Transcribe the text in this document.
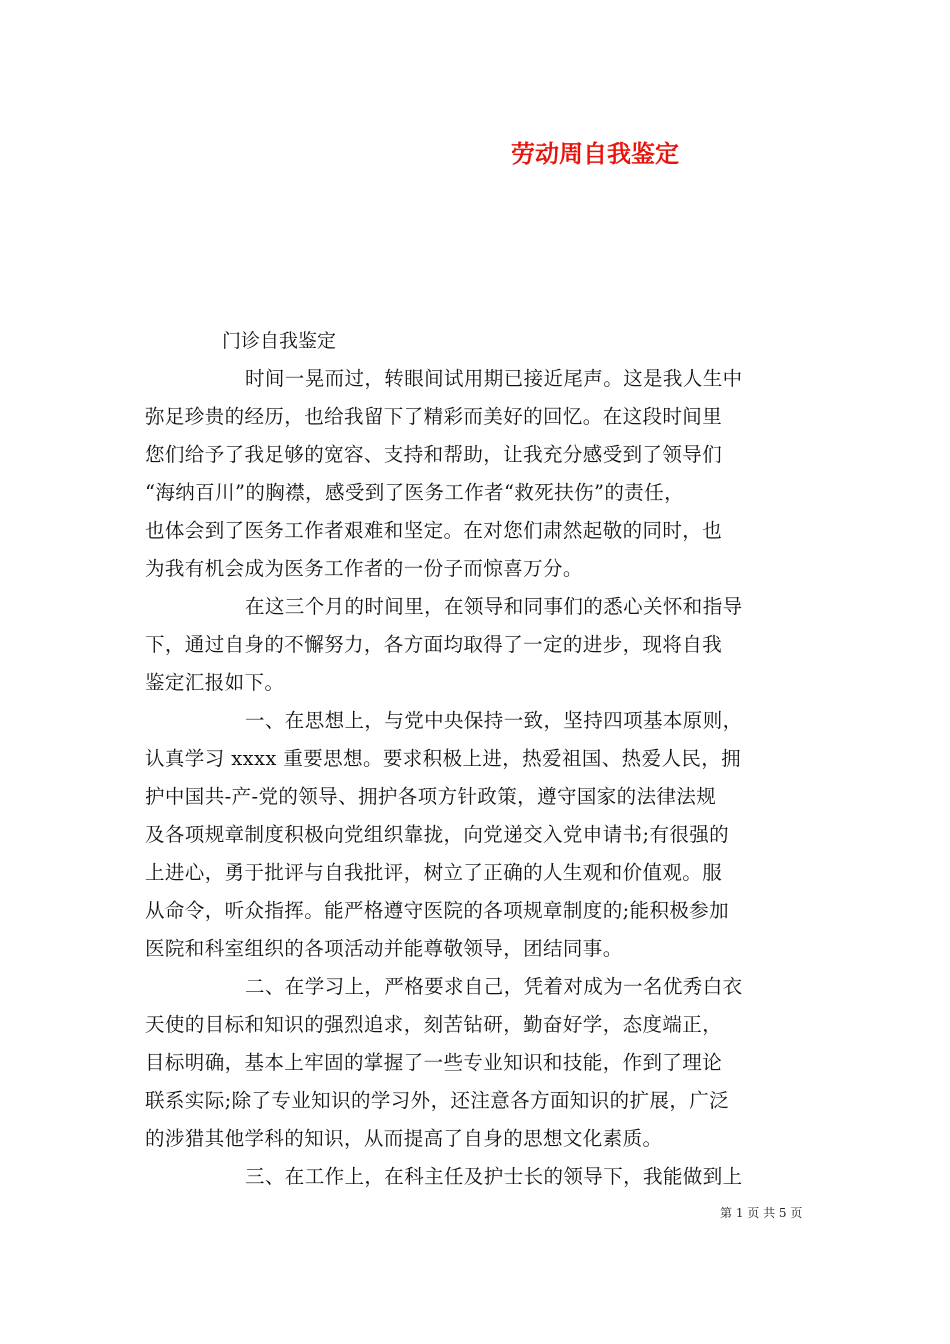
劳动周自我鉴定
门诊自我鉴定
时间一晃而过，转眼间试用期已接近尾声。这是我人生中
弥足珍贵的经历，也给我留下了精彩而美好的回忆。在这段时间里
您们给予了我足够的宽容、支持和帮助，让我充分感受到了领导们
“海纳百川”的胸襟，感受到了医务工作者“救死扶伤”的责任，
也体会到了医务工作者艰难和坚定。在对您们肃然起敬的同时，也
为我有机会成为医务工作者的一份子而惊喜万分。
在这三个月的时间里，在领导和同事们的悉心关怀和指导
下，通过自身的不懈努力，各方面均取得了一定的进步，现将自我
鉴定汇报如下。
一、在思想上，与党中央保持一致，坚持四项基本原则，
认真学习 xxxx 重要思想。要求积极上进，热爱祖国、热爱人民，拥
护中国共-产-党的领导、拥护各项方针政策，遵守国家的法律法规
及各项规章制度积极向党组织靠拢，向党递交入党申请书;有很强的
上进心，勇于批评与自我批评，树立了正确的人生观和价值观。服
从命令，听众指挥。能严格遵守医院的各项规章制度的;能积极参加
医院和科室组织的各项活动并能尊敬领导，团结同事。
二、在学习上，严格要求自己，凭着对成为一名优秀白衣
天使的目标和知识的强烈追求，刻苦钻研，勤奋好学，态度端正，
目标明确，基本上牢固的掌握了一些专业知识和技能，作到了理论
联系实际;除了专业知识的学习外，还注意各方面知识的扩展，广泛
的涉猎其他学科的知识，从而提高了自身的思想文化素质。
三、在工作上，在科主任及护士长的领导下，我能做到上
第 1 页 共 5 页
